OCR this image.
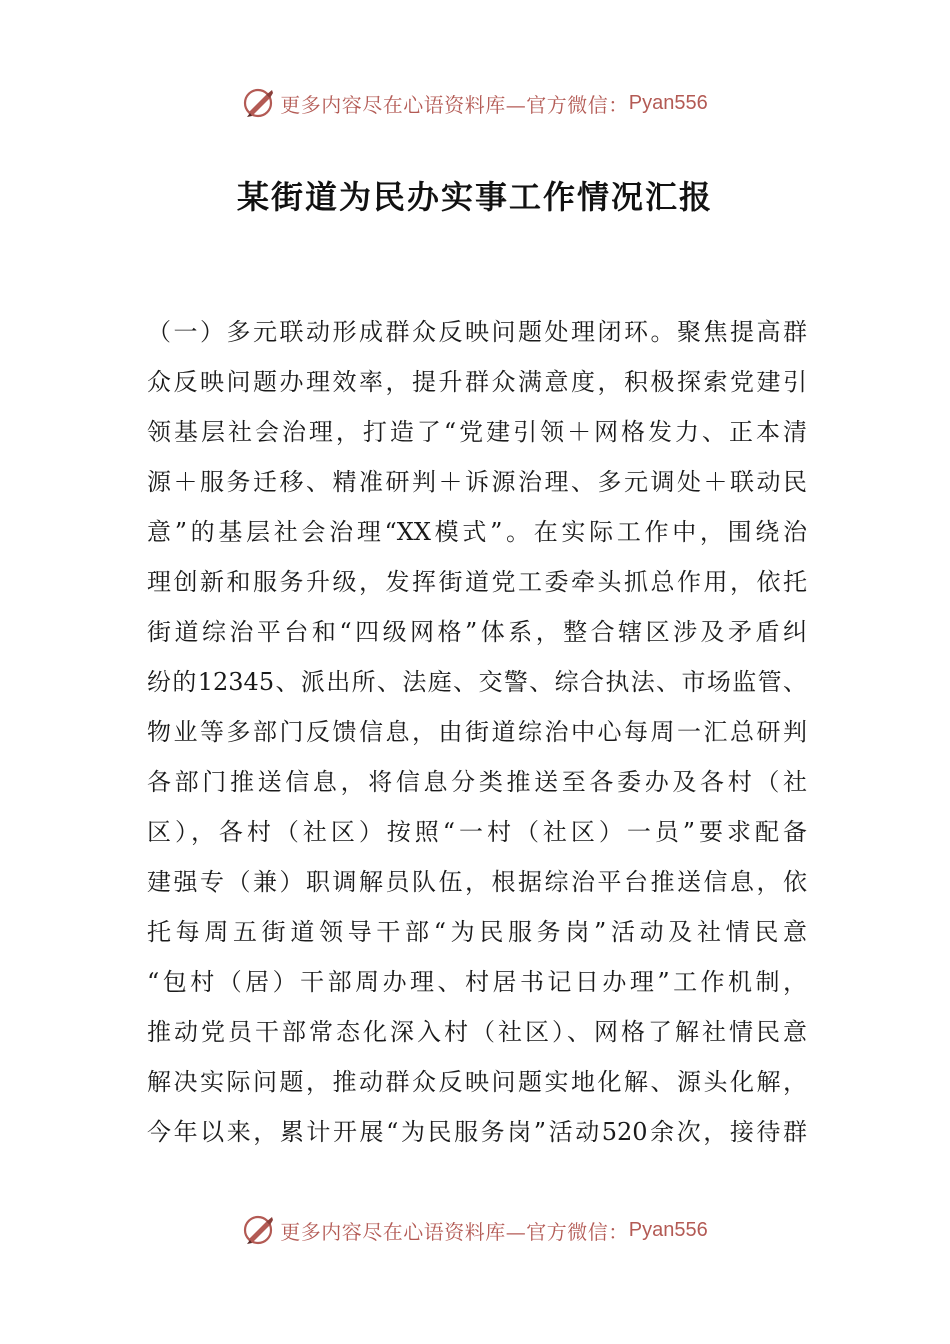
更多内容尽在心语资料库—官方微信： Pyan556
某街道为民办实事工作情况汇报
（一）多元联动形成群众反映问题处理闭环。聚焦提高群
众反映问题办理效率，提升群众满意度，积极探索党建引
领基层社会治理，打造了“党建引领＋网格发力、正本清
源＋服务迁移、精准研判＋诉源治理、多元调处＋联动民
意”的基层社会治理“XX模式”。在实际工作中，围绕治
理创新和服务升级，发挥街道党工委牵头抓总作用，依托
街道综治平台和“四级网格”体系，整合辖区涉及矛盾纠
纷的12345、派出所、法庭、交警、综合执法、市场监管、
物业等多部门反馈信息，由街道综治中心每周一汇总研判
各部门推送信息，将信息分类推送至各委办及各村（社
区），各村（社区）按照“一村（社区）一员”要求配备
建强专（兼）职调解员队伍，根据综治平台推送信息，依
托每周五街道领导干部“为民服务岗”活动及社情民意
“包村（居）干部周办理、村居书记日办理”工作机制，
推动党员干部常态化深入村（社区）、网格了解社情民意
解决实际问题，推动群众反映问题实地化解、源头化解，
今年以来，累计开展“为民服务岗”活动520余次，接待群
更多内容尽在心语资料库—官方微信： Pyan556
